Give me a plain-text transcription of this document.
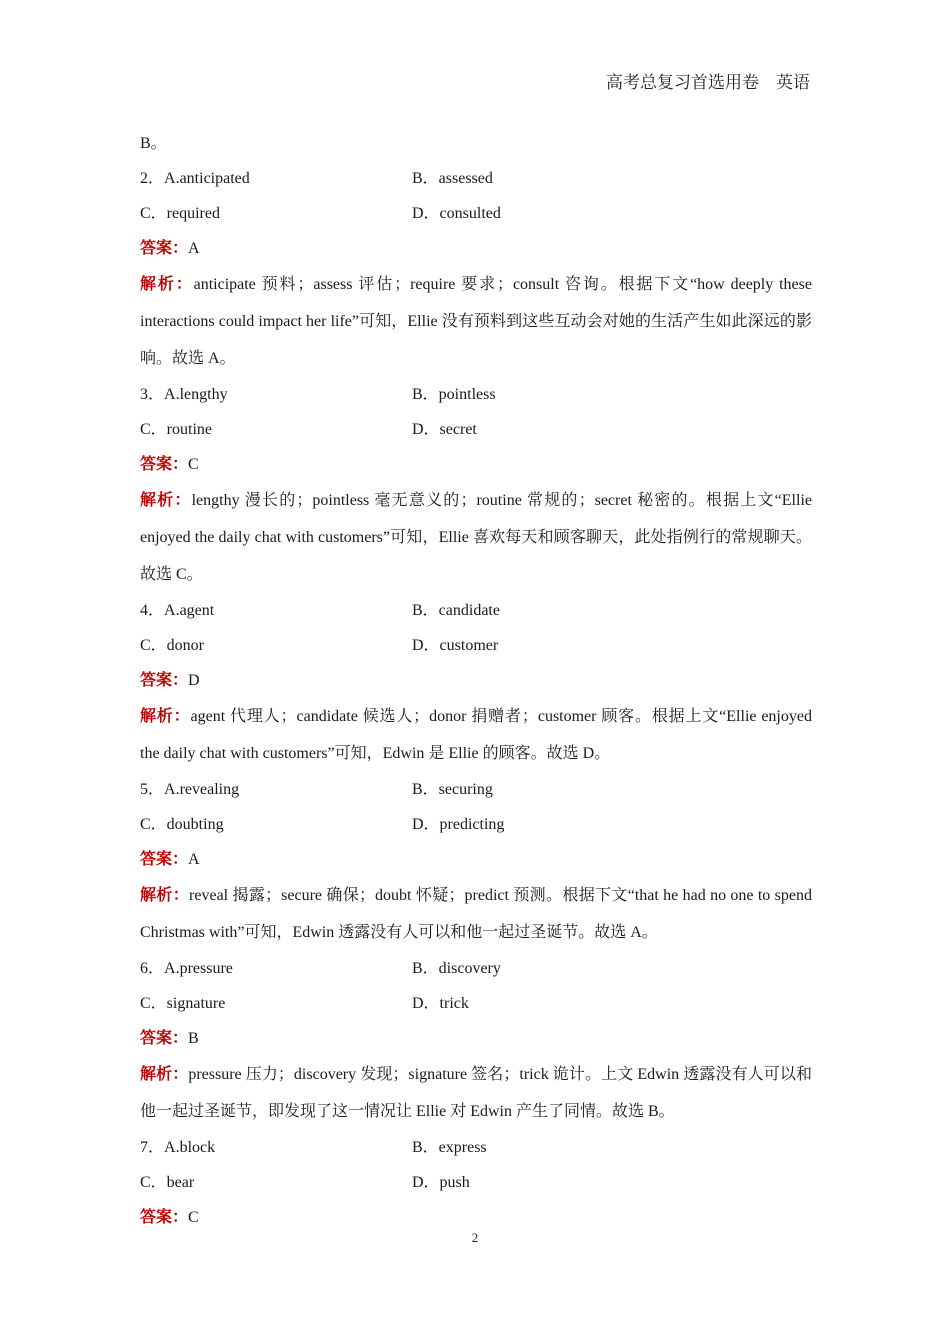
高考总复习首选用卷　英语
B。
2．A.anticipated	B．assessed
C．required	D．consulted
答案：A
解析：anticipate 预料；assess 评估；require 要求；consult 咨询。根据下文“how deeply these interactions could impact her life”可知，Ellie 没有预料到这些互动会对她的生活产生如此深远的影响。故选 A。
3．A.lengthy	B．pointless
C．routine	D．secret
答案：C
解析：lengthy 漫长的；pointless 毫无意义的；routine 常规的；secret 秘密的。根据上文“Ellie enjoyed the daily chat with customers”可知，Ellie 喜欢每天和顾客聊天，此处指例行的常规聊天。故选 C。
4．A.agent	B．candidate
C．donor	D．customer
答案：D
解析：agent 代理人；candidate 候选人；donor 捐赠者；customer 顾客。根据上文“Ellie enjoyed the daily chat with customers”可知，Edwin 是 Ellie 的顾客。故选 D。
5．A.revealing	B．securing
C．doubting	D．predicting
答案：A
解析：reveal 揭露；secure 确保；doubt 怀疑；predict 预测。根据下文“that he had no one to spend Christmas with”可知，Edwin 透露没有人可以和他一起过圣诞节。故选 A。
6．A.pressure	B．discovery
C．signature	D．trick
答案：B
解析：pressure 压力；discovery 发现；signature 签名；trick 诡计。上文 Edwin 透露没有人可以和他一起过圣诞节，即发现了这一情况让 Ellie 对 Edwin 产生了同情。故选 B。
7．A.block	B．express
C．bear	D．push
答案：C
2
